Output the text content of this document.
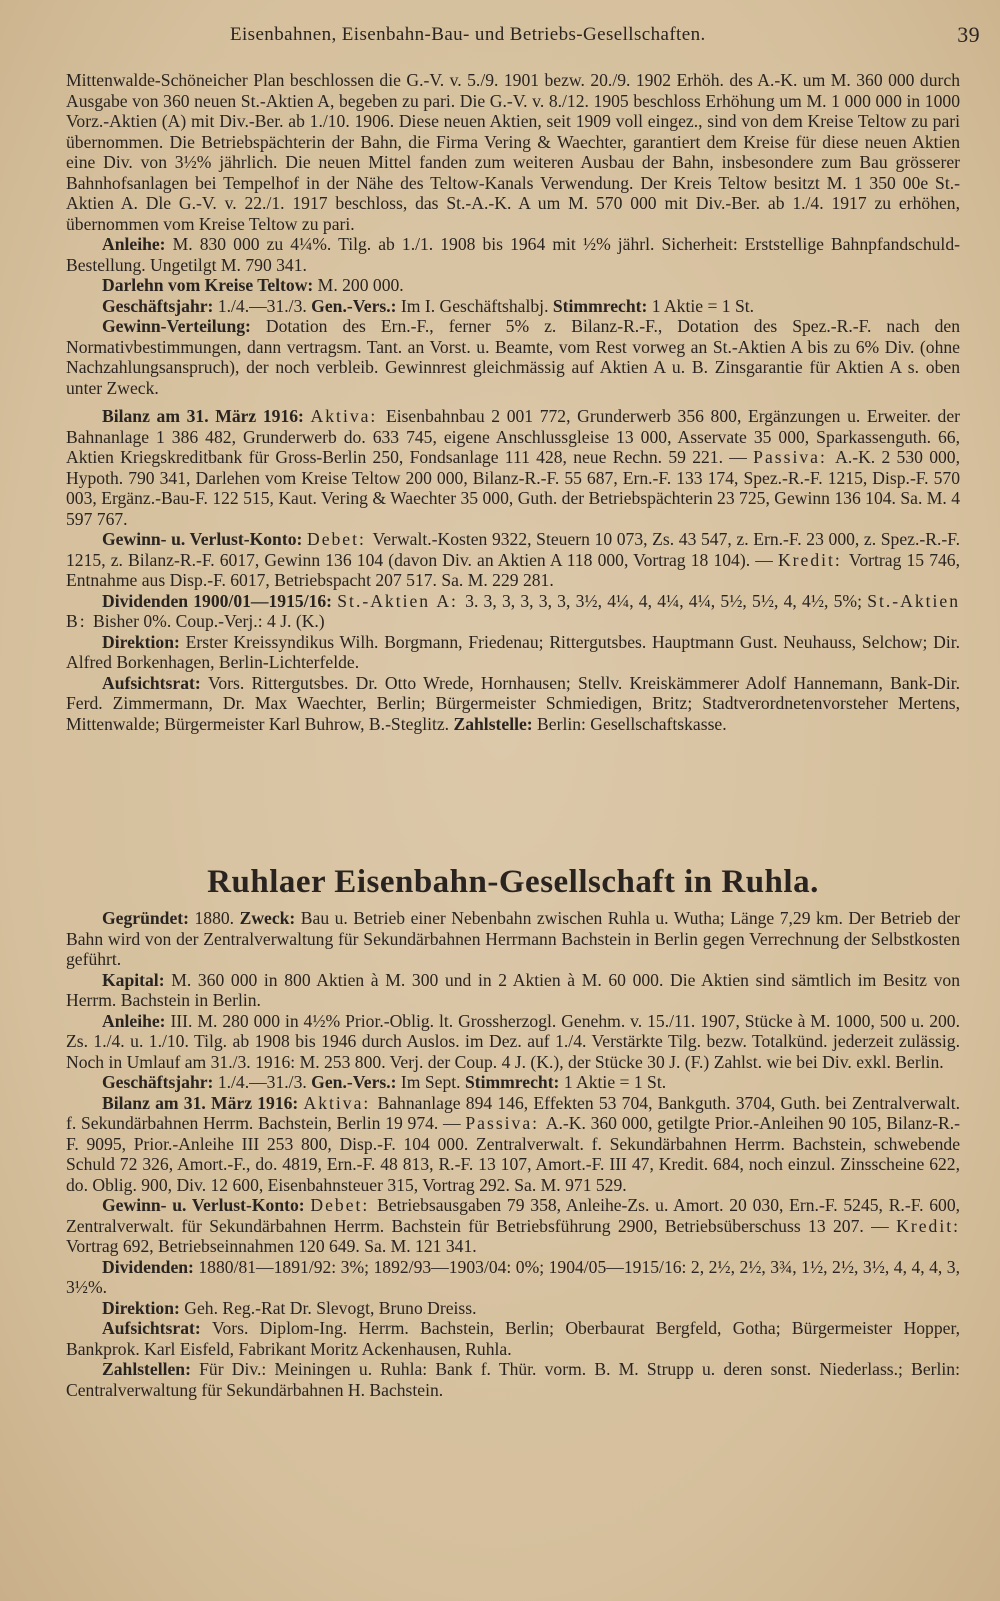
Eisenbahnen, Eisenbahn-Bau- und Betriebs-Gesellschaften.	39

Mittenwalde-Schöneicher Plan beschlossen die G.-V. v. 5./9. 1901 bezw. 20./9. 1902 Erhöh. des A.-K. um M. 360 000 durch Ausgabe von 360 neuen St.-Aktien A, begeben zu pari. Die G.-V. v. 8./12. 1905 beschloss Erhöhung um M. 1 000 000 in 1000 Vorz.-Aktien (A) mit Div.-Ber. ab 1./10. 1906. Diese neuen Aktien, seit 1909 voll eingez., sind von dem Kreise Teltow zu pari übernommen. Die Betriebspächterin der Bahn, die Firma Vering & Waechter, garantiert dem Kreise für diese neuen Aktien eine Div. von 3½% jährlich. Die neuen Mittel fanden zum weiteren Ausbau der Bahn, insbesondere zum Bau grösserer Bahnhofsanlagen bei Tempelhof in der Nähe des Teltow-Kanals Verwendung. Der Kreis Teltow besitzt M. 1 350 00e St.-Aktien A. Dle G.-V. v. 22./1. 1917 beschloss, das St.-A.-K. A um M. 570 000 mit Div.-Ber. ab 1./4. 1917 zu erhöhen, übernommen vom Kreise Teltow zu pari.

Anleihe: M. 830 000 zu 4¼%. Tilg. ab 1./1. 1908 bis 1964 mit ½% jährl. Sicherheit: Erststellige Bahnpfandschuld-Bestellung. Ungetilgt M. 790 341.

Darlehn vom Kreise Teltow: M. 200 000.

Geschäftsjahr: 1./4.—31./3. Gen.-Vers.: Im I. Geschäftshalbj. Stimmrecht: 1 Aktie = 1 St.

Gewinn-Verteilung: Dotation des Ern.-F., ferner 5% z. Bilanz-R.-F., Dotation des Spez.-R.-F. nach den Normativbestimmungen, dann vertragsm. Tant. an Vorst. u. Beamte, vom Rest vorweg an St.-Aktien A bis zu 6% Div. (ohne Nachzahlungsanspruch), der noch verbleib. Gewinnrest gleichmässig auf Aktien A u. B. Zinsgarantie für Aktien A s. oben unter Zweck.

Bilanz am 31. März 1916: Aktiva: Eisenbahnbau 2 001 772, Grunderwerb 356 800, Ergänzungen u. Erweiter. der Bahnanlage 1 386 482, Grunderwerb do. 633 745, eigene Anschlussgleise 13 000, Asservate 35 000, Sparkassenguth. 66, Aktien Kriegskreditbank für Gross-Berlin 250, Fondsanlage 111 428, neue Rechn. 59 221. — Passiva: A.-K. 2 530 000, Hypoth. 790 341, Darlehen vom Kreise Teltow 200 000, Bilanz-R.-F. 55 687, Ern.-F. 133 174, Spez.-R.-F. 1215, Disp.-F. 570 003, Ergänz.-Bau-F. 122 515, Kaut. Vering & Waechter 35 000, Guth. der Betriebspächterin 23 725, Gewinn 136 104. Sa. M. 4 597 767.

Gewinn- u. Verlust-Konto: Debet: Verwalt.-Kosten 9322, Steuern 10 073, Zs. 43 547, z. Ern.-F. 23 000, z. Spez.-R.-F. 1215, z. Bilanz-R.-F. 6017, Gewinn 136 104 (davon Div. an Aktien A 118 000, Vortrag 18 104). — Kredit: Vortrag 15 746, Entnahme aus Disp.-F. 6017, Betriebspacht 207 517. Sa. M. 229 281.

Dividenden 1900/01—1915/16: St.-Aktien A: 3. 3, 3, 3, 3, 3, 3½, 4¼, 4, 4¼, 4¼, 5½, 5½, 4, 4½, 5%; St.-Aktien B: Bisher 0%. Coup.-Verj.: 4 J. (K.)

Direktion: Erster Kreissyndikus Wilh. Borgmann, Friedenau; Rittergutsbes. Hauptmann Gust. Neuhauss, Selchow; Dir. Alfred Borkenhagen, Berlin-Lichterfelde.

Aufsichtsrat: Vors. Rittergutsbes. Dr. Otto Wrede, Hornhausen; Stellv. Kreiskämmerer Adolf Hannemann, Bank-Dir. Ferd. Zimmermann, Dr. Max Waechter, Berlin; Bürgermeister Schmiedigen, Britz; Stadtverordnetenvorsteher Mertens, Mittenwalde; Bürgermeister Karl Buhrow, B.-Steglitz. Zahlstelle: Berlin: Gesellschaftskasse.

Ruhlaer Eisenbahn-Gesellschaft in Ruhla.

Gegründet: 1880. Zweck: Bau u. Betrieb einer Nebenbahn zwischen Ruhla u. Wutha; Länge 7,29 km. Der Betrieb der Bahn wird von der Zentralverwaltung für Sekundärbahnen Herrmann Bachstein in Berlin gegen Verrechnung der Selbstkosten geführt.

Kapital: M. 360 000 in 800 Aktien à M. 300 und in 2 Aktien à M. 60 000. Die Aktien sind sämtlich im Besitz von Herrm. Bachstein in Berlin.

Anleihe: III. M. 280 000 in 4½% Prior.-Oblig. lt. Grossherzogl. Genehm. v. 15./11. 1907, Stücke à M. 1000, 500 u. 200. Zs. 1./4. u. 1./10. Tilg. ab 1908 bis 1946 durch Auslos. im Dez. auf 1./4. Verstärkte Tilg. bezw. Totalkünd. jederzeit zulässig. Noch in Umlauf am 31./3. 1916: M. 253 800. Verj. der Coup. 4 J. (K.), der Stücke 30 J. (F.) Zahlst. wie bei Div. exkl. Berlin.

Geschäftsjahr: 1./4.—31./3. Gen.-Vers.: Im Sept. Stimmrecht: 1 Aktie = 1 St.

Bilanz am 31. März 1916: Aktiva: Bahnanlage 894 146, Effekten 53 704, Bankguth. 3704, Guth. bei Zentralverwalt. f. Sekundärbahnen Herrm. Bachstein, Berlin 19 974. — Passiva: A.-K. 360 000, getilgte Prior.-Anleihen 90 105, Bilanz-R.-F. 9095, Prior.-Anleihe III 253 800, Disp.-F. 104 000. Zentralverwalt. f. Sekundärbahnen Herrm. Bachstein, schwebende Schuld 72 326, Amort.-F., do. 4819, Ern.-F. 48 813, R.-F. 13 107, Amort.-F. III 47, Kredit. 684, noch einzul. Zinsscheine 622, do. Oblig. 900, Div. 12 600, Eisenbahnsteuer 315, Vortrag 292. Sa. M. 971 529.

Gewinn- u. Verlust-Konto: Debet: Betriebsausgaben 79 358, Anleihe-Zs. u. Amort. 20 030, Ern.-F. 5245, R.-F. 600, Zentralverwalt. für Sekundärbahnen Herrm. Bachstein für Betriebsführung 2900, Betriebsüberschuss 13 207. — Kredit: Vortrag 692, Betriebseinnahmen 120 649. Sa. M. 121 341.

Dividenden: 1880/81—1891/92: 3%; 1892/93—1903/04: 0%; 1904/05—1915/16: 2, 2½, 2½, 3¾, 1½, 2½, 3½, 4, 4, 4, 3, 3½%.

Direktion: Geh. Reg.-Rat Dr. Slevogt, Bruno Dreiss.

Aufsichtsrat: Vors. Diplom-Ing. Herrm. Bachstein, Berlin; Oberbaurat Bergfeld, Gotha; Bürgermeister Hopper, Bankprok. Karl Eisfeld, Fabrikant Moritz Ackenhausen, Ruhla.

Zahlstellen: Für Div.: Meiningen u. Ruhla: Bank f. Thür. vorm. B. M. Strupp u. deren sonst. Niederlass.; Berlin: Centralverwaltung für Sekundärbahnen H. Bachstein.
